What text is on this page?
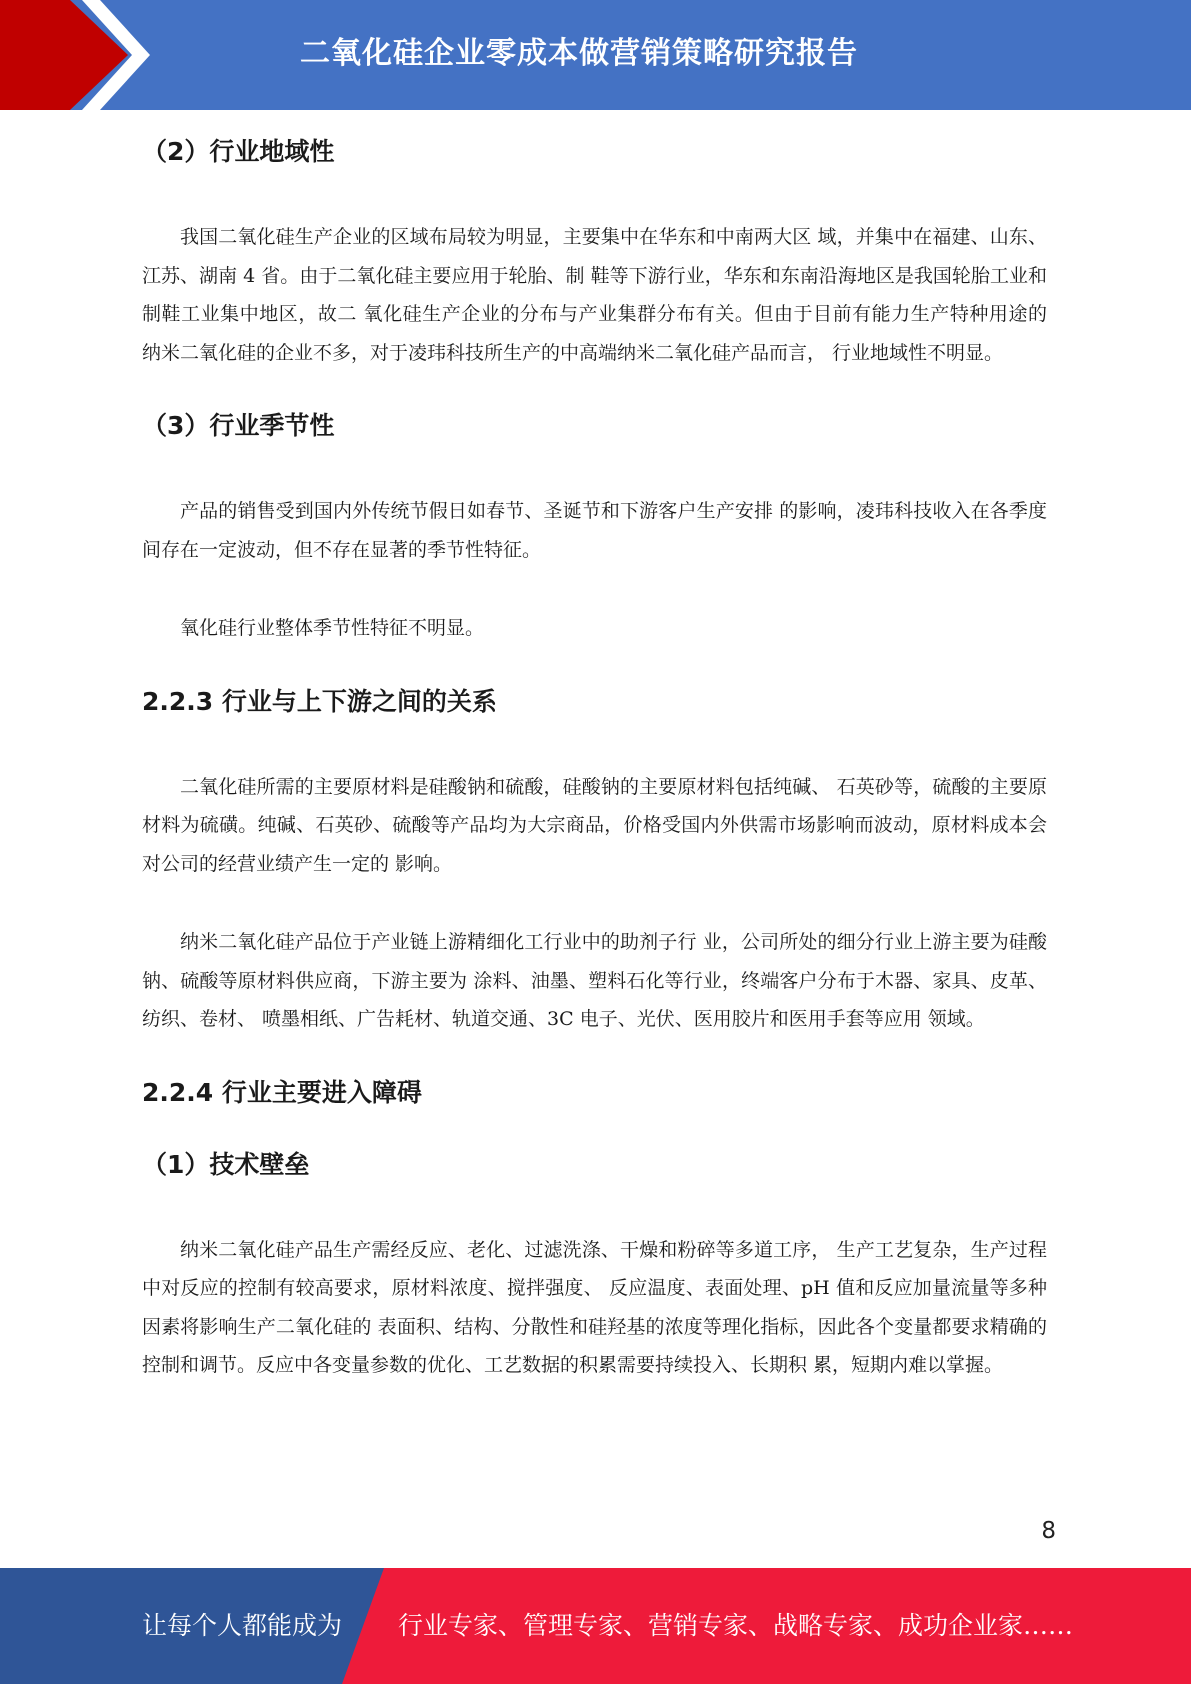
二氧化硅企业零成本做营销策略研究报告
（2）行业地域性

我国二氧化硅生产企业的区域布局较为明显，主要集中在华东和中南两大区 域，并集中在福建、山东、江苏、湖南 4 省。由于二氧化硅主要应用于轮胎、制 鞋等下游行业，华东和东南沿海地区是我国轮胎工业和制鞋工业集中地区，故二 氧化硅生产企业的分布与产业集群分布有关。但由于目前有能力生产特种用途的 纳米二氧化硅的企业不多，对于凌玮科技所生产的中高端纳米二氧化硅产品而言， 行业地域性不明显。

（3）行业季节性

产品的销售受到国内外传统节假日如春节、圣诞节和下游客户生产安排 的影响，凌玮科技收入在各季度间存在一定波动，但不存在显著的季节性特征。

氧化硅行业整体季节性特征不明显。

2.2.3 行业与上下游之间的关系

二氧化硅所需的主要原材料是硅酸钠和硫酸，硅酸钠的主要原材料包括纯碱、 石英砂等，硫酸的主要原材料为硫磺。纯碱、石英砂、硫酸等产品均为大宗商品，价格受国内外供需市场影响而波动，原材料成本会对公司的经营业绩产生一定的 影响。

纳米二氧化硅产品位于产业链上游精细化工行业中的助剂子行 业，公司所处的细分行业上游主要为硅酸钠、硫酸等原材料供应商，下游主要为 涂料、油墨、塑料石化等行业，终端客户分布于木器、家具、皮革、纺织、卷材、 喷墨相纸、广告耗材、轨道交通、3C 电子、光伏、医用胶片和医用手套等应用 领域。

2.2.4 行业主要进入障碍
（1）技术壁垒

纳米二氧化硅产品生产需经反应、老化、过滤洗涤、干燥和粉碎等多道工序， 生产工艺复杂，生产过程中对反应的控制有较高要求，原材料浓度、搅拌强度、 反应温度、表面处理、pH 值和反应加量流量等多种因素将影响生产二氧化硅的 表面积、结构、分散性和硅羟基的浓度等理化指标，因此各个变量都要求精确的 控制和调节。反应中各变量参数的优化、工艺数据的积累需要持续投入、长期积 累，短期内难以掌握。

8
让每个人都能成为 行业专家、管理专家、营销专家、战略专家、成功企业家……
